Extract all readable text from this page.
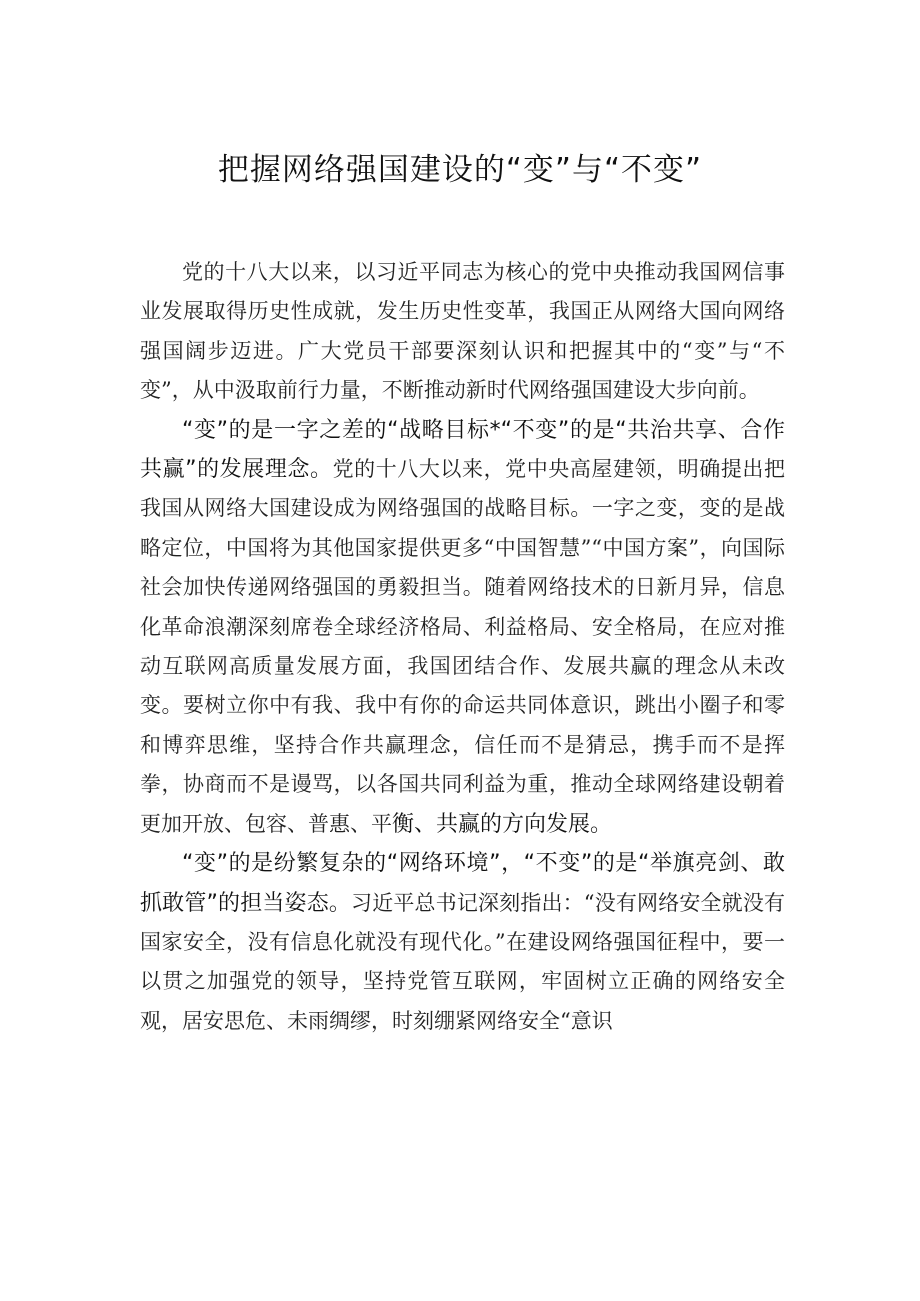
把握网络强国建设的“变”与“不变”

党的十八大以来，以习近平同志为核心的党中央推动我国网信事业发展取得历史性成就，发生历史性变革，我国正从网络大国向网络强国阔步迈进。广大党员干部要深刻认识和把握其中的“变”与“不变”，从中汲取前行力量，不断推动新时代网络强国建设大步向前。

“变”的是一字之差的“战略目标*“不变”的是“共治共享、合作共赢”的发展理念。党的十八大以来，党中央高屋建领，明确提出把我国从网络大国建设成为网络强国的战略目标。一字之变，变的是战略定位，中国将为其他国家提供更多“中国智慧”“中国方案”，向国际社会加快传递网络强国的勇毅担当。随着网络技术的日新月异，信息化革命浪潮深刻席卷全球经济格局、利益格局、安全格局，在应对推动互联网高质量发展方面，我国团结合作、发展共赢的理念从未改变。要树立你中有我、我中有你的命运共同体意识，跳出小圈子和零和博弈思维，坚持合作共赢理念，信任而不是猜忌，携手而不是挥拳，协商而不是谩骂，以各国共同利益为重，推动全球网络建设朝着更加开放、包容、普惠、平衡、共赢的方向发展。

“变”的是纷繁复杂的“网络环境”，“不变”的是“举旗亮剑、敢抓敢管”的担当姿态。习近平总书记深刻指出：“没有网络安全就没有国家安全，没有信息化就没有现代化。”在建设网络强国征程中，要一以贯之加强党的领导，坚持党管互联网，牢固树立正确的网络安全观，居安思危、未雨绸缪，时刻绷紧网络安全“意识
